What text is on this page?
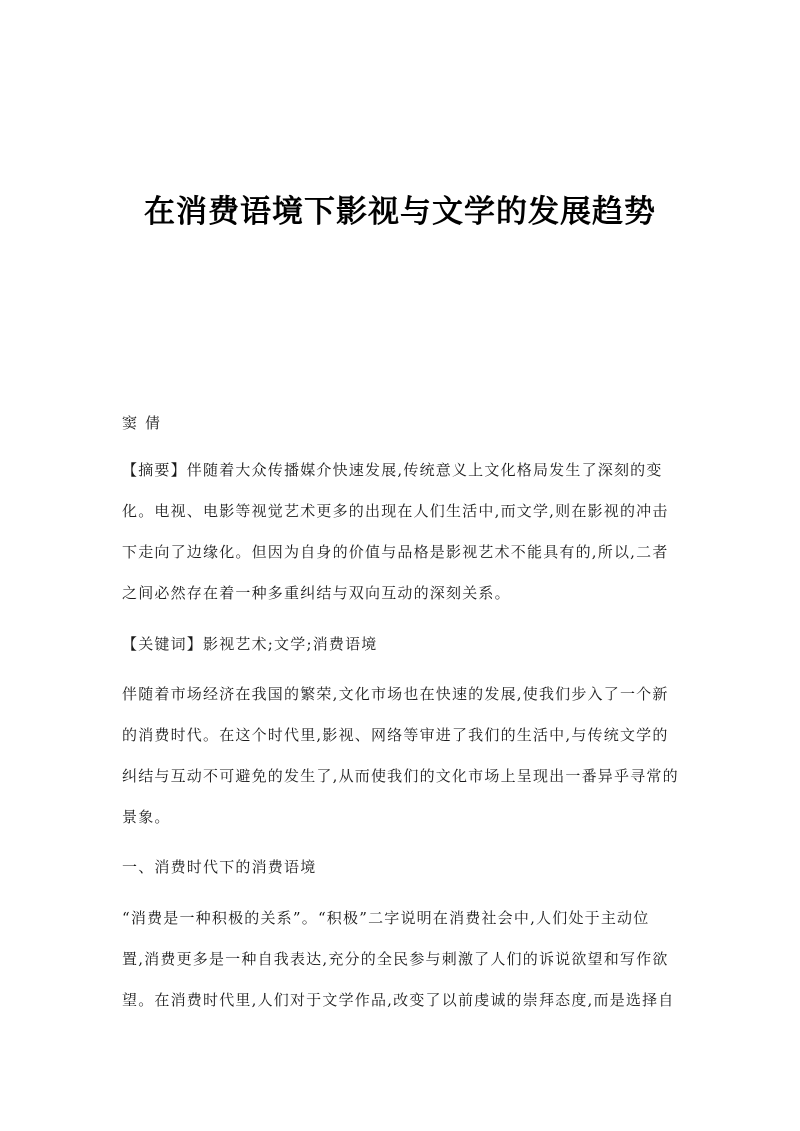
在消费语境下影视与文学的发展趋势
窦倩
【摘要】伴随着大众传播媒介快速发展,传统意义上文化格局发生了深刻的变
化。电视、电影等视觉艺术更多的出现在人们生活中,而文学,则在影视的冲击
下走向了边缘化。但因为自身的价值与品格是影视艺术不能具有的,所以,二者
之间必然存在着一种多重纠结与双向互动的深刻关系。
【关键词】影视艺术;文学;消费语境
伴随着市场经济在我国的繁荣,文化市场也在快速的发展,使我们步入了一个新
的消费时代。在这个时代里,影视、网络等审进了我们的生活中,与传统文学的
纠结与互动不可避免的发生了,从而使我们的文化市场上呈现出一番异乎寻常的
景象。
一、消费时代下的消费语境
“消费是一种积极的关系”。“积极”二字说明在消费社会中,人们处于主动位
置,消费更多是一种自我表达,充分的全民参与刺激了人们的诉说欲望和写作欲
望。在消费时代里,人们对于文学作品,改变了以前虔诚的崇拜态度,而是选择自
